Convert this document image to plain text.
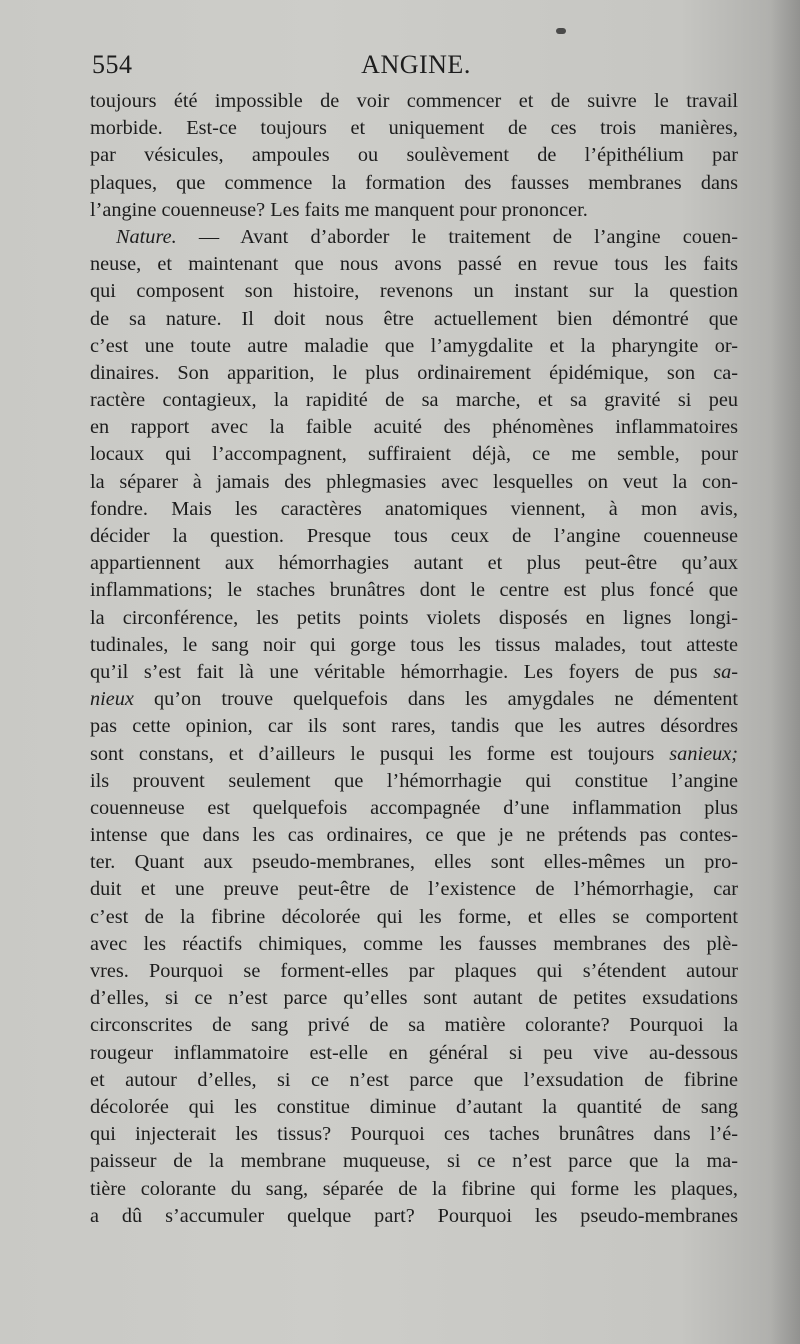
554	ANGINE.
toujours été impossible de voir commencer et de suivre le travail
morbide. Est-ce toujours et uniquement de ces trois manières,
par vésicules, ampoules ou soulèvement de l’épithélium par
plaques, que commence la formation des fausses membranes dans
l’angine couenneuse? Les faits me manquent pour prononcer.
Nature. — Avant d’aborder le traitement de l’angine couen-
neuse, et maintenant que nous avons passé en revue tous les faits
qui composent son histoire, revenons un instant sur la question
de sa nature. Il doit nous être actuellement bien démontré que
c’est une toute autre maladie que l’amygdalite et la pharyngite or-
dinaires. Son apparition, le plus ordinairement épidémique, son ca-
ractère contagieux, la rapidité de sa marche, et sa gravité si peu
en rapport avec la faible acuité des phénomènes inflammatoires
locaux qui l’accompagnent, suffiraient déjà, ce me semble, pour
la séparer à jamais des phlegmasies avec lesquelles on veut la con-
fondre. Mais les caractères anatomiques viennent, à mon avis,
décider la question. Presque tous ceux de l’angine couenneuse
appartiennent aux hémorrhagies autant et plus peut-être qu’aux
inflammations; le staches brunâtres dont le centre est plus foncé que
la circonférence, les petits points violets disposés en lignes longi-
tudinales, le sang noir qui gorge tous les tissus malades, tout atteste
qu’il s’est fait là une véritable hémorrhagie. Les foyers de pus sa-
nieux qu’on trouve quelquefois dans les amygdales ne démentent
pas cette opinion, car ils sont rares, tandis que les autres désordres
sont constans, et d’ailleurs le pusqui les forme est toujours sanieux;
ils prouvent seulement que l’hémorrhagie qui constitue l’angine
couenneuse est quelquefois accompagnée d’une inflammation plus
intense que dans les cas ordinaires, ce que je ne prétends pas contes-
ter. Quant aux pseudo-membranes, elles sont elles-mêmes un pro-
duit et une preuve peut-être de l’existence de l’hémorrhagie, car
c’est de la fibrine décolorée qui les forme, et elles se comportent
avec les réactifs chimiques, comme les fausses membranes des plè-
vres. Pourquoi se forment-elles par plaques qui s’étendent autour
d’elles, si ce n’est parce qu’elles sont autant de petites exsudations
circonscrites de sang privé de sa matière colorante? Pourquoi la
rougeur inflammatoire est-elle en général si peu vive au-dessous
et autour d’elles, si ce n’est parce que l’exsudation de fibrine
décolorée qui les constitue diminue d’autant la quantité de sang
qui injecterait les tissus? Pourquoi ces taches brunâtres dans l’é-
paisseur de la membrane muqueuse, si ce n’est parce que la ma-
tière colorante du sang, séparée de la fibrine qui forme les plaques,
a dû s’accumuler quelque part? Pourquoi les pseudo-membranes
